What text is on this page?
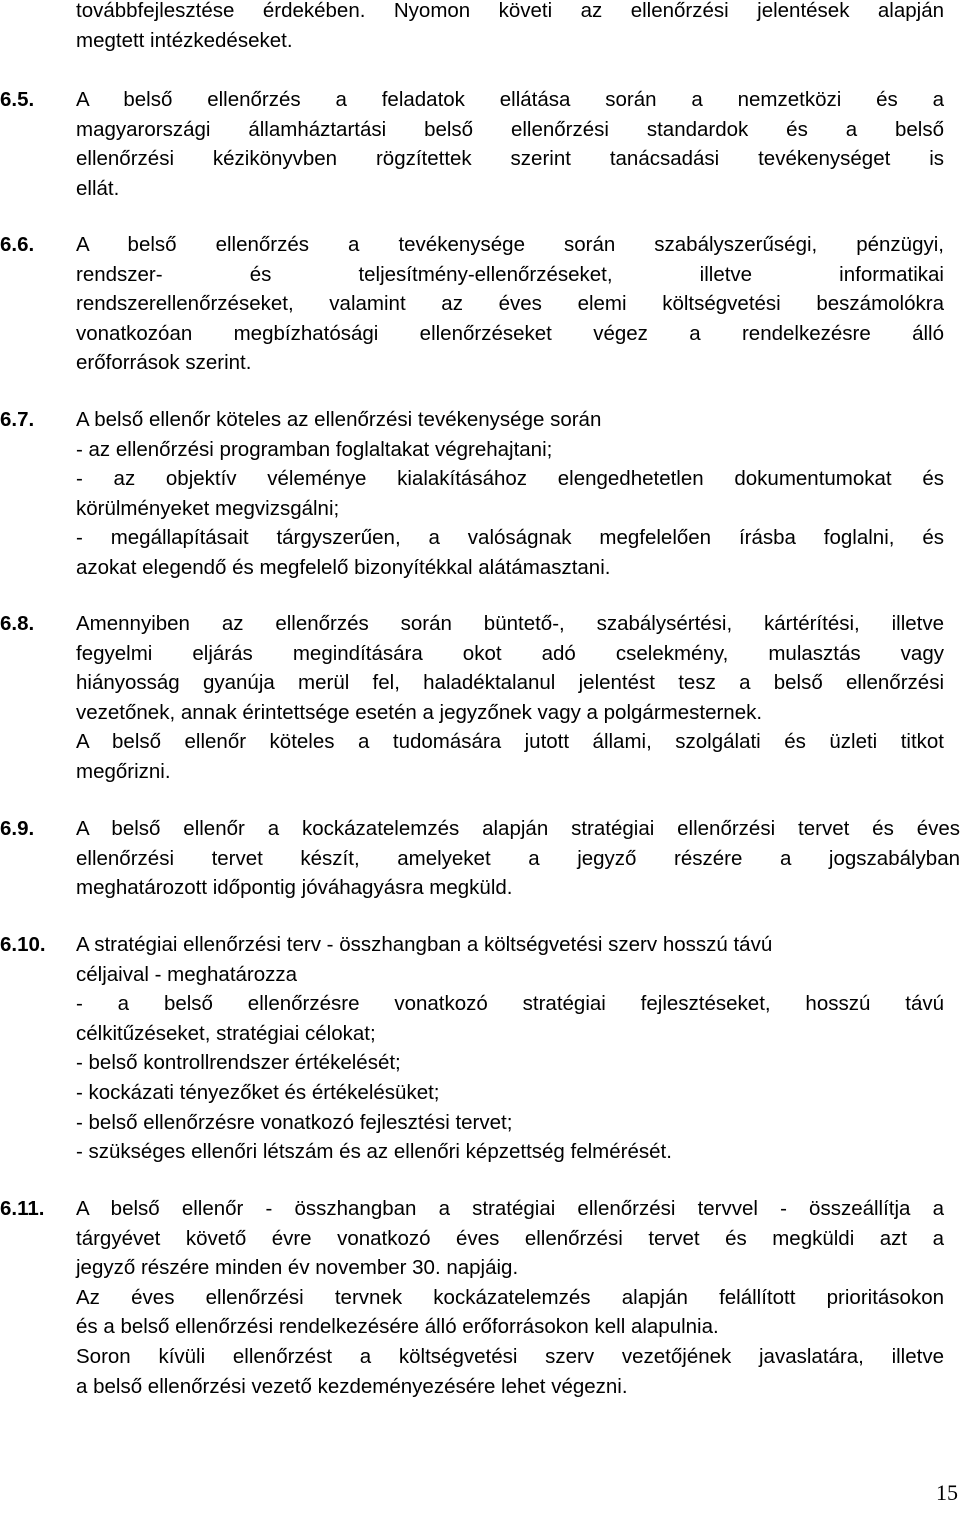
továbbfejlesztése érdekében. Nyomon követi az ellenőrzési jelentések alapján
megtett intézkedéseket.
6.5.	A belső ellenőrzés a feladatok ellátása során a nemzetközi és a
magyarországi államháztartási belső ellenőrzési standardok és a belső
ellenőrzési kézikönyvben rögzítettek szerint tanácsadási tevékenységet is
ellát.
6.6.	A belső ellenőrzés a tevékenysége során szabályszerűségi, pénzügyi,
rendszer- és teljesítmény-ellenőrzéseket, illetve informatikai
rendszerellenőrzéseket, valamint az éves elemi költségvetési beszámolókra
vonatkozóan megbízhatósági ellenőrzéseket végez a rendelkezésre álló
erőforrások szerint.
6.7.	A belső ellenőr köteles az ellenőrzési tevékenysége során
- az ellenőrzési programban foglaltakat végrehajtani;
- az objektív véleménye kialakításához elengedhetetlen dokumentumokat és
körülményeket megvizsgálni;
- megállapításait tárgyszerűen, a valóságnak megfelelően írásba foglalni, és
azokat elegendő és megfelelő bizonyítékkal alátámasztani.
6.8.	Amennyiben az ellenőrzés során büntető-, szabálysértési, kártérítési, illetve
fegyelmi eljárás megindítására okot adó cselekmény, mulasztás vagy
hiányosság gyanúja merül fel, haladéktalanul jelentést tesz a belső ellenőrzési
vezetőnek, annak érintettsége esetén a jegyzőnek vagy a polgármesternek.
A belső ellenőr köteles a tudomására jutott állami, szolgálati és üzleti titkot
megőrizni.
6.9.	A belső ellenőr a kockázatelemzés alapján stratégiai ellenőrzési tervet és éves
ellenőrzési tervet készít, amelyeket a jegyző részére a jogszabályban
meghatározott időpontig jóváhagyásra megküld.
6.10.	A stratégiai ellenőrzési terv - összhangban a költségvetési szerv hosszú távú
céljaival - meghatározza
- a belső ellenőrzésre vonatkozó stratégiai fejlesztéseket, hosszú távú
célkitűzéseket, stratégiai célokat;
- belső kontrollrendszer értékelését;
- kockázati tényezőket és értékelésüket;
- belső ellenőrzésre vonatkozó fejlesztési tervet;
- szükséges ellenőri létszám és az ellenőri képzettség felmérését.
6.11.	A belső ellenőr - összhangban a stratégiai ellenőrzési tervvel - összeállítja a
tárgyévet követő évre vonatkozó éves ellenőrzési tervet és megküldi azt a
jegyző részére minden év november 30. napjáig.
Az éves ellenőrzési tervnek kockázatelemzés alapján felállított prioritásokon
és a belső ellenőrzési rendelkezésére álló erőforrásokon kell alapulnia.
Soron kívüli ellenőrzést a költségvetési szerv vezetőjének javaslatára, illetve
a belső ellenőrzési vezető kezdeményezésére lehet végezni.
15
